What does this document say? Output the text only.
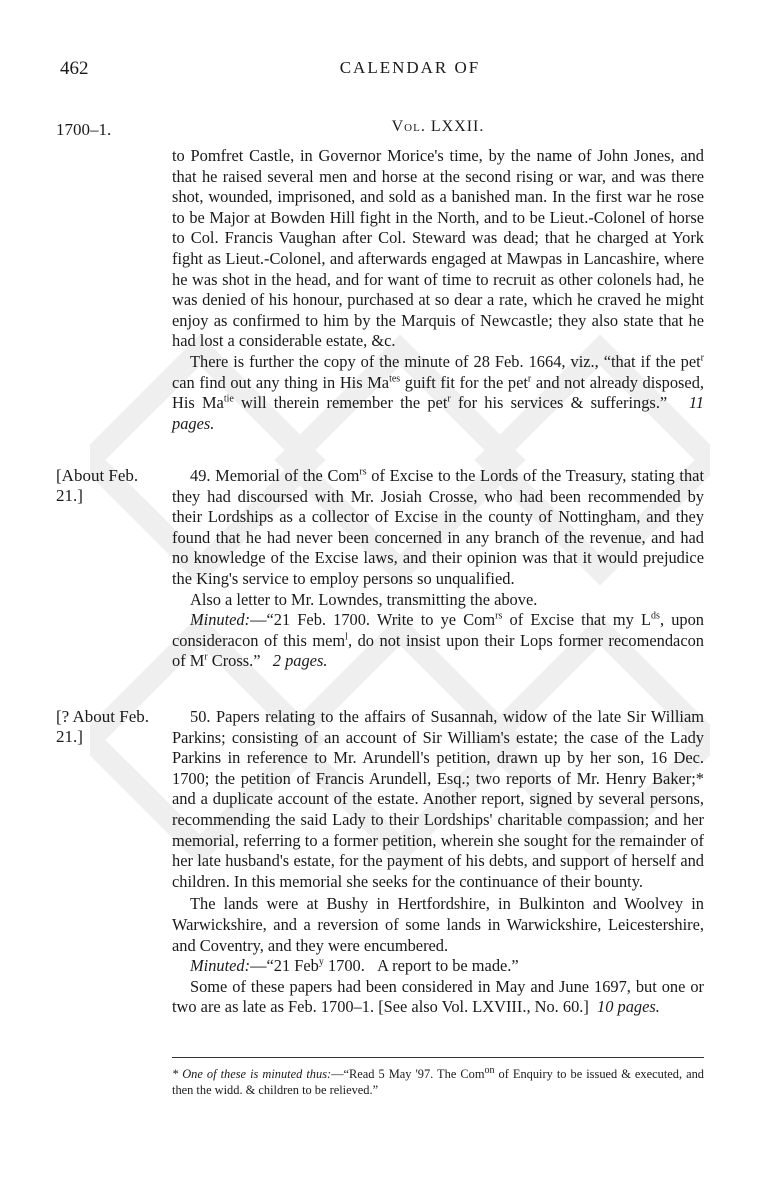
462	CALENDAR OF
1700–1.	Vol. LXXII.

to Pomfret Castle, in Governor Morice's time, by the name of John Jones, and that he raised several men and horse at the second rising or war, and was there shot, wounded, imprisoned, and sold as a banished man. In the first war he rose to be Major at Bowden Hill fight in the North, and to be Lieut.-Colonel of horse to Col. Francis Vaughan after Col. Steward was dead; that he charged at York fight as Lieut.-Colonel, and afterwards engaged at Mawpas in Lancashire, where he was shot in the head, and for want of time to recruit as other colonels had, he was denied of his honour, purchased at so dear a rate, which he craved he might enjoy as confirmed to him by the Marquis of Newcastle; they also state that he had lost a considerable estate, &c.

There is further the copy of the minute of 28 Feb. 1664, viz., “that if the pet$^r$ can find out any thing in His $Ma^{tes}$ guift fit for the pet$^r$ and not already disposed, His $Ma^{tie}$ will therein remember the pet$^r$ for his services & sufferings.” 11 pages.

[About Feb. 21.]

49. Memorial of the Com$^{rs}$ of Excise to the Lords of the Treasury, stating that they had discoursed with Mr. Josiah Crosse, who had been recommended by their Lordships as a collector of Excise in the county of Nottingham, and they found that he had never been concerned in any branch of the revenue, and had no knowledge of the Excise laws, and their opinion was that it would prejudice the King's service to employ persons so unqualified.

Also a letter to Mr. Lowndes, transmitting the above.

Minuted:—“21 Feb. 1700. Write to ye Com$^{rs}$ of Excise that my $L^{ds}$, upon consideracon of this mem$^l$, do not insist upon their Lops former recomendacon of $M^r$ Cross.” 2 pages.

[? About Feb. 21.]

50. Papers relating to the affairs of Susannah, widow of the late Sir William Parkins; consisting of an account of Sir William's estate; the case of the Lady Parkins in reference to Mr. Arundell's petition, drawn up by her son, 16 Dec. 1700; the petition of Francis Arundell, Esq.; two reports of Mr. Henry Baker;* and a duplicate account of the estate. Another report, signed by several persons, recommending the said Lady to their Lordships' charitable compassion; and her memorial, referring to a former petition, wherein she sought for the remainder of her late husband's estate, for the payment of his debts, and support of herself and children. In this memorial she seeks for the continuance of their bounty.

The lands were at Bushy in Hertfordshire, in Bulkinton and Woolvey in Warwickshire, and a reversion of some lands in Warwickshire, Leicestershire, and Coventry, and they were encumbered.

Minuted:—“21 Feb$^y$ 1700. A report to be made.”

Some of these papers had been considered in May and June 1697, but one or two are as late as Feb. 1700–1. [See also Vol. LXVIII., No. 60.] 10 pages.

* One of these is minuted thus:—“Read 5 May '97. The Com$^{on}$ of Enquiry to be issued & executed, and then the widd. & children to be relieved.”
